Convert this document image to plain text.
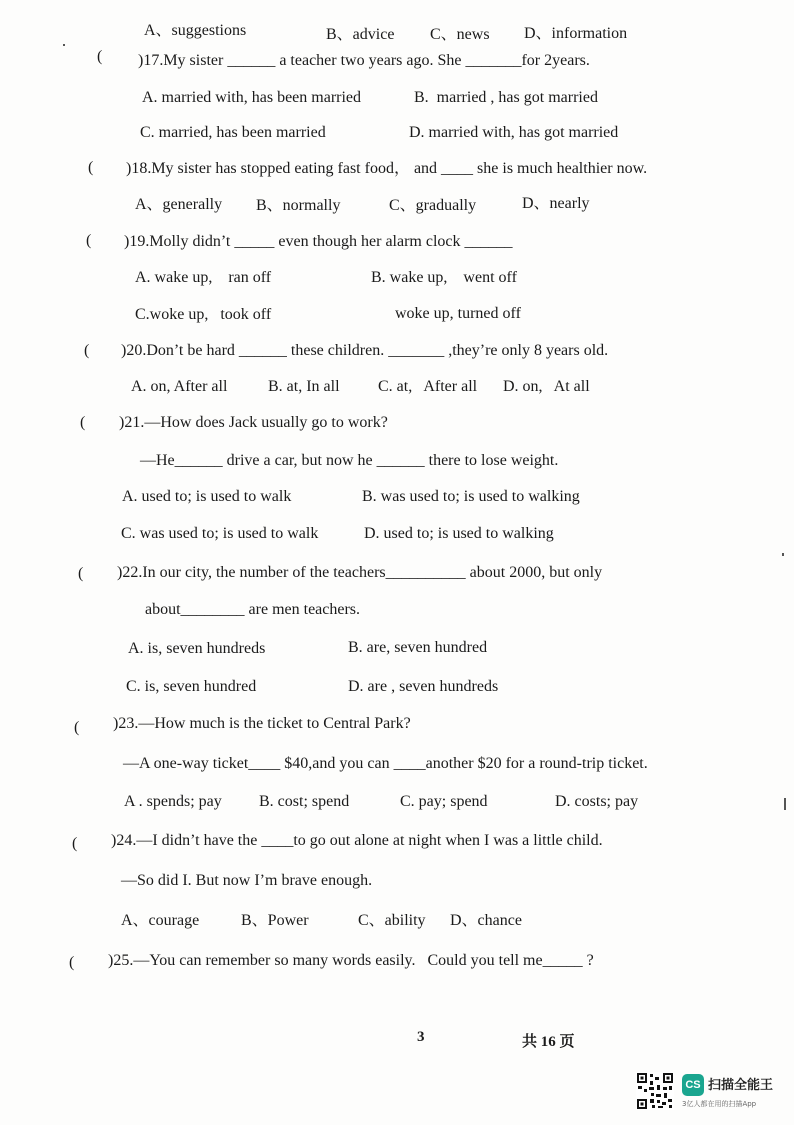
A、suggestions	B、advice C、news D、information
( )17.My sister ______ a teacher two years ago. She _______for 2years.
A. married with, has been married	B.  married , has got married
C. married, has been married	D. married with, has got married
( )18.My sister has stopped eating fast food， and ____ she is much healthier now.
A、generally B、normally	C、gradually	D、nearly
( )19.Molly didn’t _____ even though her alarm clock ______
A. wake up,    ran off	B. wake up,    went off
C.woke up,   took off	woke up, turned off
( )20.Don’t be hard ______ these children. _______ ,they’re only 8 years old.
A. on, After all	B. at, In all C. at,   After all D. on,   At all
( )21.—How does Jack usually go to work?
—He______ drive a car, but now he ______ there to lose weight.
A. used to; is used to walk	B. was used to; is used to walking
C. was used to; is used to walk	D. used to; is used to walking
( )22.In our city, the number of the teachers__________ about 2000, but only
about________ are men teachers.
A. is, seven hundreds	B. are, seven hundred
C. is, seven hundred	D. are , seven hundreds
( )23.—How much is the ticket to Central Park?
—A one-way ticket____ $40,and you can ____another $20 for a round-trip ticket.
A . spends; pay B. cost; spend	C. pay; spend	D. costs; pay
( )24.—I didn’t have the ____to go out alone at night when I was a little child.
—So did I. But now I’m brave enough.
A、courage	B、Power	C、ability D、chance
( )25.—You can remember so many words easily.   Could you tell me_____ ?
3	共 16 页
CS 扫描全能王
3亿人都在用的扫描App
